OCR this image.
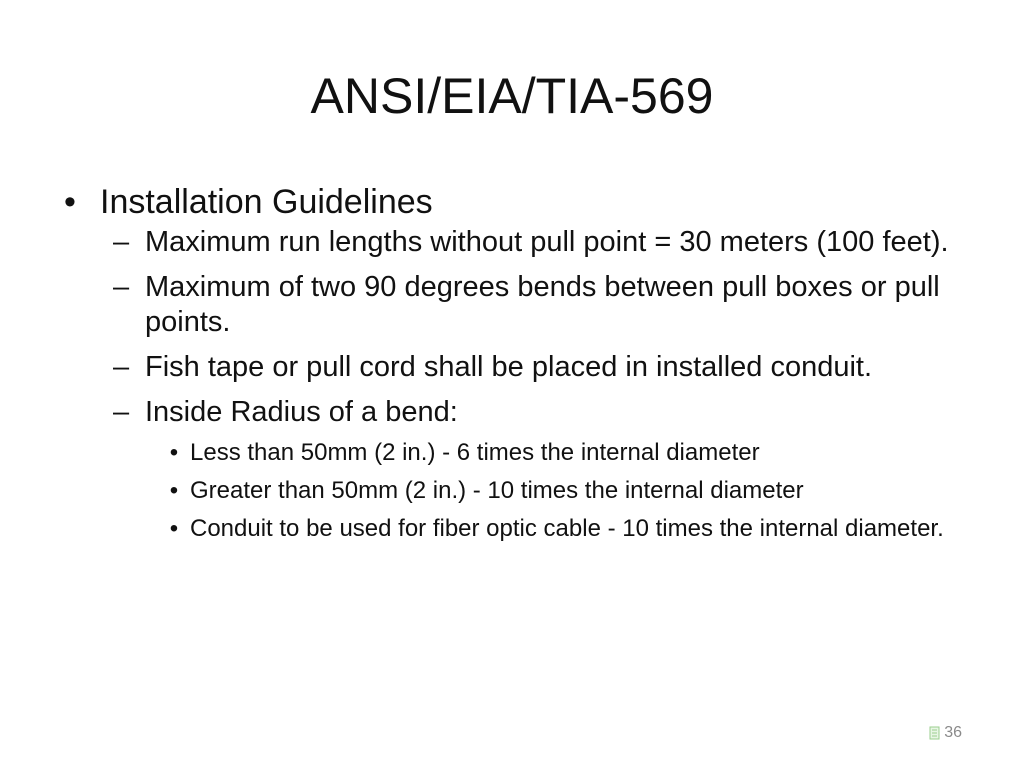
ANSI/EIA/TIA-569
• Installation Guidelines
– Maximum run lengths without pull point = 30 meters (100 feet).
– Maximum of two 90 degrees bends between pull boxes or pull points.
– Fish tape or pull cord shall be placed in installed conduit.
– Inside Radius of a bend:
• Less than 50mm (2 in.) - 6 times the internal diameter
• Greater than 50mm (2 in.) - 10 times the internal diameter
• Conduit to be used for fiber optic cable - 10 times the internal diameter.
36
